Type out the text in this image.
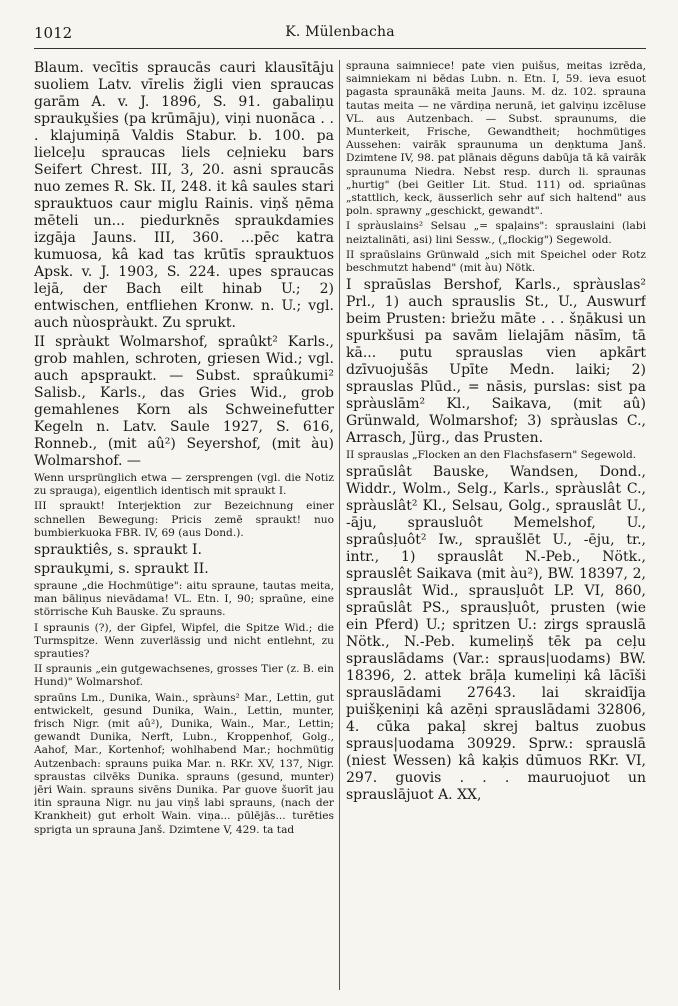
1012	K. Mülenbacha

Blaum. vecītis spraucās cauri klausītāju suoliem Latv. vīrelis žigli vien spraucas garām A. v. J. 1896, S. 91. gabaliņu sprauku̯šies (pa krūmāju), viņi nuonāca . . . klajumiņā Valdis Stabur. b. 100. pa lielceļu spraucas liels ceļnieku bars Seifert Chrest. III, 3, 20. asni spraucās nuo zemes R. Sk. II, 248. it kâ saules stari sprauktuos caur miglu Rainis. viņš ņēma mēteli un... piedurknēs spraukdamies izgāja Jauns. III, 360. ...pēc katra kumuosa, kâ kad tas krūtīs sprauktuos Apsk. v. J. 1903, S. 224. upes spraucas lejā, der Bach eilt hinab U.; 2) entwischen, entfliehen Kronw. n. U.; vgl. auch nùospràukt. Zu sprukt.

II spràukt Wolmarshof, spraûkt² Karls., grob mahlen, schroten, griesen Wid.; vgl. auch apspraukt. — Subst. spraûkumi² Salisb., Karls., das Gries Wid., grob gemahlenes Korn als Schweinefutter Kegeln n. Latv. Saule 1927, S. 616, Ronneb., (mit aû²) Seyershof, (mit àu) Wolmarshof. —

Wenn ursprünglich etwa — zersprengen (vgl. die Notiz zu sprauga), eigentlich identisch mit spraukt I.

III spraukt! Interjektion zur Bezeichnung einer schnellen Bewegung: Pricis zemē spraukt! nuo bumbierkuoka FBR. IV, 69 (aus Dond.).

sprauktiês, s. spraukt I.

sprauku̯mi, s. spraukt II.

spraune „die Hochmütige": aitu spraune, tautas meita, man bāliņus nievādama! VL. Etn. I, 90; spraūne, eine störrische Kuh Bauske. Zu sprauns.

I spraunis (?), der Gipfel, Wipfel, die Spitze Wid.; die Turmspitze. Wenn zuverlässig und nicht entlehnt, zu sprauties?

II spraunis „ein gutgewachsenes, grosses Tier (z. B. ein Hund)" Wolmarshof.

spraūns Lm., Dunika, Wain., spràuns² Mar., Lettin, gut entwickelt, gesund Dunika, Wain., Lettin, munter, frisch Nigr. (mit aû²), Dunika, Wain., Mar., Lettin; gewandt Dunika, Nerft, Lubn., Kroppenhof, Golg., Aahof, Mar., Kortenhof; wohlhabend Mar.; hochmütig Autzenbach: sprauns puika Mar. n. RKr. XV, 137, Nigr. spraustas cilvēks Dunika. sprauns (gesund, munter) jēri Wain. sprauns sivēns Dunika. Par guove šuorīt jau itin sprauna Nigr. nu jau viņš labi sprauns, (nach der Krankheit) gut erholt Wain. viņa... pūlējās... turēties sprigta un sprauna Janš. Dzimtene V, 429. ta tad

sprauna saimniece! pate vien puišus, meitas izrēda, saimniekam ni bēdas Lubn. n. Etn. I, 59. ieva esuot pagasta spraunākā meita Jauns. M. dz. 102. sprauna tautas meita — ne vārdiņa nerunā, iet galviņu izcēluse VL. aus Autzenbach. — Subst. spraunums, die Munterkeit, Frische, Gewandtheit; hochmütiges Aussehen: vairāk spraunuma un deņktuma Janš. Dzimtene IV, 98. pat plānais dēguns dabūja tā kā vairāk spraunuma Niedra. Nebst resp. durch li. spraunas „hurtig" (bei Geitler Lit. Stud. 111) od. spriaūnas „stattlich, keck, äusserlich sehr auf sich haltend" aus poln. sprawny „geschickt, gewandt".

I spràuslains² Selsau „= spaļains": sprauslaini (labi neiztalināti, asi) lini Sessw., („flockig") Segewold.

II spraūslains Grünwald „sich mit Speichel oder Rotz beschmutzt habend" (mit àu) Nötk.

I spraūslas Bershof, Karls., spràuslas² Prl., 1) auch sprauslis St., U., Auswurf beim Prusten: briežu māte . . . šņākusi un spurkšusi pa savām lielajām nāsīm, tā kā... putu sprauslas vien apkārt dzīvuojušās Upīte Medn. laiki; 2) sprauslas Plūd., = nāsis, purslas: sist pa spràuslām² Kl., Saikava, (mit aû) Grünwald, Wolmarshof; 3) spràuslas C., Arrasch, Jürg., das Prusten.

II sprauslas „Flocken an den Flachsfasern" Segewold.

spraūslât Bauske, Wandsen, Dond., Widdr., Wolm., Selg., Karls., spràuslât C., spràuslât² Kl., Selsau, Golg., sprauslât U., -āju, sprausluôt Memelshof, U., spraûsļuôt² Iw., spraušlēt U., -ēju, tr., intr., 1) sprauslât N.-Peb., Nötk., sprauslêt Saikava (mit àu²), BW. 18397, 2, sprauslât Wid., sprausļuôt LP. VI, 860, spraūslât PS., sprausļuôt, prusten (wie ein Pferd) U.; spritzen U.: zirgs sprauslā Nötk., N.-Peb. kumeliņš tēk pa ceļu sprauslādams (Var.: spraus|uodams) BW. 18396, 2. attek brāļa kumeliņi kâ lācīši sprauslādami 27643. lai skraidīja puišķeniņi kâ azēņi sprauslādami 32806, 4. cūka pakaļ skrej baltus zuobus spraus|uodama 30929. Sprw.: sprauslā (niest Wessen) kâ kaķis dūmuos RKr. VI, 297. guovis . . . mauruojuot un sprauslājuot A. XX,
